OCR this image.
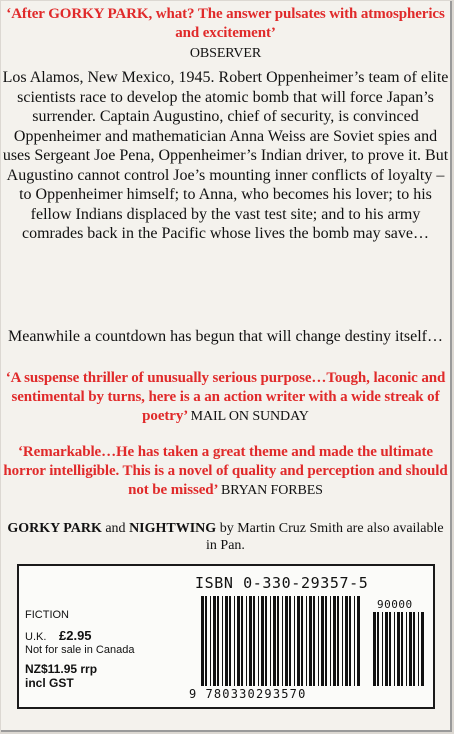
‘After GORKY PARK, what? The answer pulsates with atmospherics and excitement’
OBSERVER
Los Alamos, New Mexico, 1945. Robert Oppenheimer’s team of elite scientists race to develop the atomic bomb that will force Japan’s surrender. Captain Augustino, chief of security, is convinced Oppenheimer and mathematician Anna Weiss are Soviet spies and uses Sergeant Joe Pena, Oppenheimer’s Indian driver, to prove it. But Augustino cannot control Joe’s mounting inner conflicts of loyalty – to Oppenheimer himself; to Anna, who becomes his lover; to his fellow Indians displaced by the vast test site; and to his army comrades back in the Pacific whose lives the bomb may save…
Meanwhile a countdown has begun that will change destiny itself…
‘A suspense thriller of unusually serious purpose…Tough, laconic and sentimental by turns, here is a an action writer with a wide streak of poetry’ MAIL ON SUNDAY
‘Remarkable…He has taken a great theme and made the ultimate horror intelligible. This is a novel of quality and perception and should not be missed’ BRYAN FORBES
GORKY PARK and NIGHTWING by Martin Cruz Smith are also available in Pan.
FICTION
U.K. £2.95
Not for sale in Canada
NZ$11.95 rrp
incl GST
ISBN 0-330-29357-5
90000
9 780330293570
